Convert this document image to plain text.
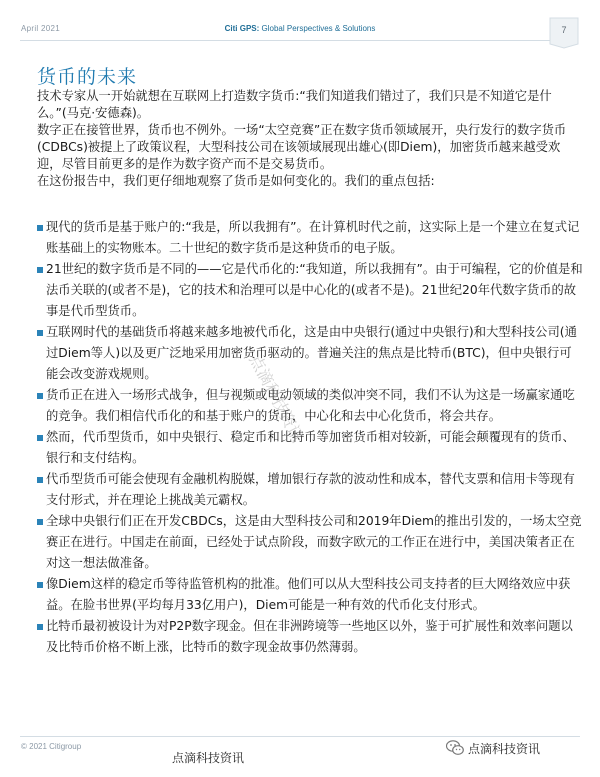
April 2021	Citi GPS: Global Perspectives & Solutions	7
货币的未来

技术专家从一开始就想在互联网上打造数字货币:“我们知道我们错过了，我们只是不知道它是什么。”(马克·安德森)。

数字正在接管世界，货币也不例外。一场“太空竞赛”正在数字货币领域展开，央行发行的数字货币(CDBCs)被提上了政策议程，大型科技公司在该领域展现出雄心(即Diem)，加密货币越来越受欢迎，尽管目前更多的是作为数字资产而不是交易货币。

在这份报告中，我们更仔细地观察了货币是如何变化的。我们的重点包括:

现代的货币是基于账户的:“我是，所以我拥有”。在计算机时代之前，这实际上是一个建立在复式记账基础上的实物账本。二十世纪的数字货币是这种货币的电子版。

21世纪的数字货币是不同的——它是代币化的:“我知道，所以我拥有”。由于可编程，它的价值是和法币关联的(或者不是)，它的技术和治理可以是中心化的(或者不是)。21世纪20年代数字货币的故事是代币型货币。

互联网时代的基础货币将越来越多地被代币化，这是由中央银行(通过中央银行)和大型科技公司(通过Diem等人)以及更广泛地采用加密货币驱动的。普遍关注的焦点是比特币(BTC)，但中央银行可能会改变游戏规则。

货币正在进入一场形式战争，但与视频或电动领域的类似冲突不同，我们不认为这是一场赢家通吃的竞争。我们相信代币化的和基于账户的货币，中心化和去中心化货币，将会共存。

然而，代币型货币，如中央银行、稳定币和比特币等加密货币相对较新，可能会颠覆现有的货币、银行和支付结构。

代币型货币可能会使现有金融机构脱媒，增加银行存款的波动性和成本，替代支票和信用卡等现有支付形式，并在理论上挑战美元霸权。

全球中央银行们正在开发CBDCs，这是由大型科技公司和2019年Diem的推出引发的，一场太空竞赛正在进行。中国走在前面，已经处于试点阶段，而数字欧元的工作正在进行中，美国决策者正在对这一想法做准备。

像Diem这样的稳定币等待监管机构的批准。他们可以从大型科技公司支持者的巨大网络效应中获益。在脸书世界(平均每月33亿用户)，Diem可能是一种有效的代币化支付形式。

比特币最初被设计为对P2P数字现金。但在非洲跨境等一些地区以外，鉴于可扩展性和效率问题以及比特币价格不断上涨，比特币的数字现金故事仍然薄弱。

点滴科技资讯
© 2021 Citigroup
点滴科技资讯
点滴科技资讯
